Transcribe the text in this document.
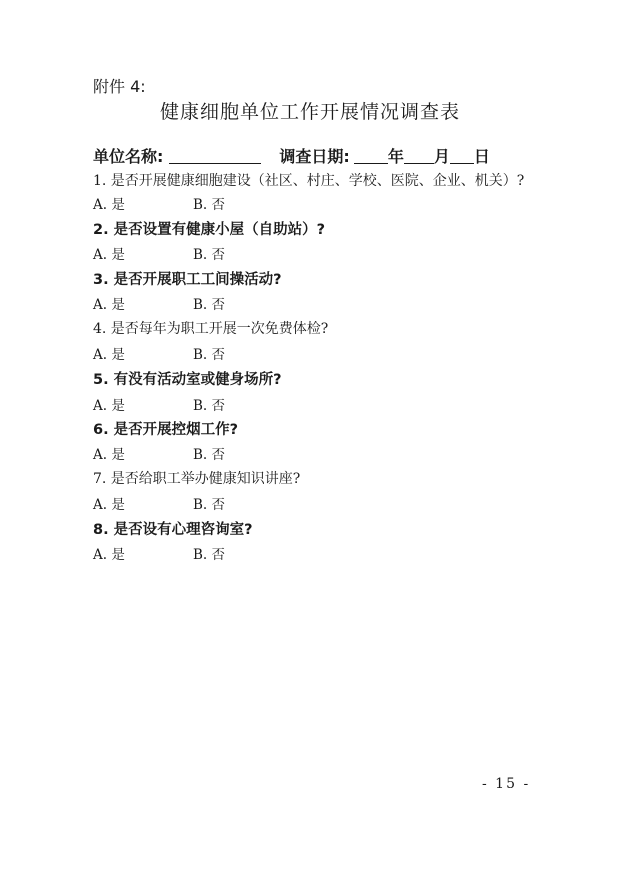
附件 4:
健康细胞单位工作开展情况调查表
单位名称:	调查日期: 年 月 日
1. 是否开展健康细胞建设（社区、村庄、学校、医院、企业、机关）?
A. 是	B. 否
2. 是否设置有健康小屋（自助站）?
A. 是	B. 否
3. 是否开展职工工间操活动?
A. 是	B. 否
4. 是否每年为职工开展一次免费体检?
A. 是	B. 否
5. 有没有活动室或健身场所?
A. 是	B. 否
6. 是否开展控烟工作?
A. 是	B. 否
7. 是否给职工举办健康知识讲座?
A. 是	B. 否
8. 是否设有心理咨询室?
A. 是	B. 否
- 15 -
